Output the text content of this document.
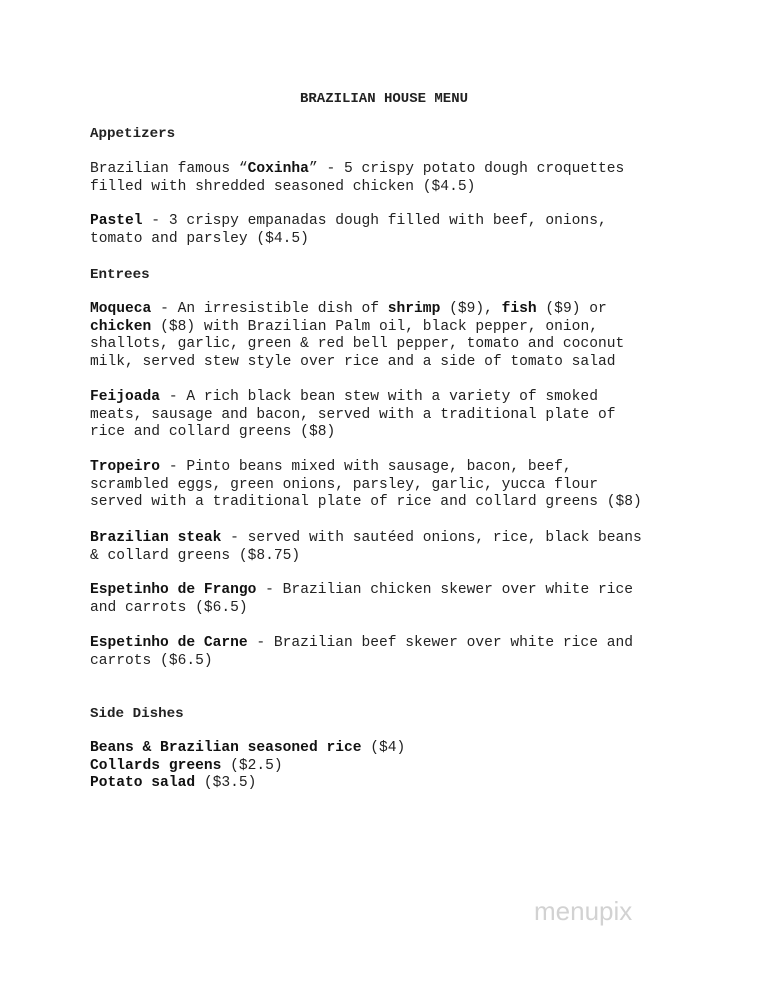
BRAZILIAN HOUSE MENU
Appetizers
Brazilian famous “Coxinha” - 5 crispy potato dough croquettes
filled with shredded seasoned chicken ($4.5)
Pastel - 3 crispy empanadas dough filled with beef, onions,
tomato and parsley ($4.5)
Entrees
Moqueca - An irresistible dish of shrimp ($9), fish ($9) or
chicken ($8) with Brazilian Palm oil, black pepper, onion,
shallots, garlic, green & red bell pepper, tomato and coconut
milk, served stew style over rice and a side of tomato salad
Feijoada - A rich black bean stew with a variety of smoked
meats, sausage and bacon, served with a traditional plate of
rice and collard greens ($8)
Tropeiro - Pinto beans mixed with sausage, bacon, beef,
scrambled eggs, green onions, parsley, garlic, yucca flour
served with a traditional plate of rice and collard greens ($8)
Brazilian steak - served with sautéed onions, rice, black beans
& collard greens ($8.75)
Espetinho de Frango - Brazilian chicken skewer over white rice
and carrots ($6.5)
Espetinho de Carne - Brazilian beef skewer over white rice and
carrots ($6.5)
Side Dishes
Beans & Brazilian seasoned rice ($4)
Collards greens ($2.5)
Potato salad ($3.5)
menupix
